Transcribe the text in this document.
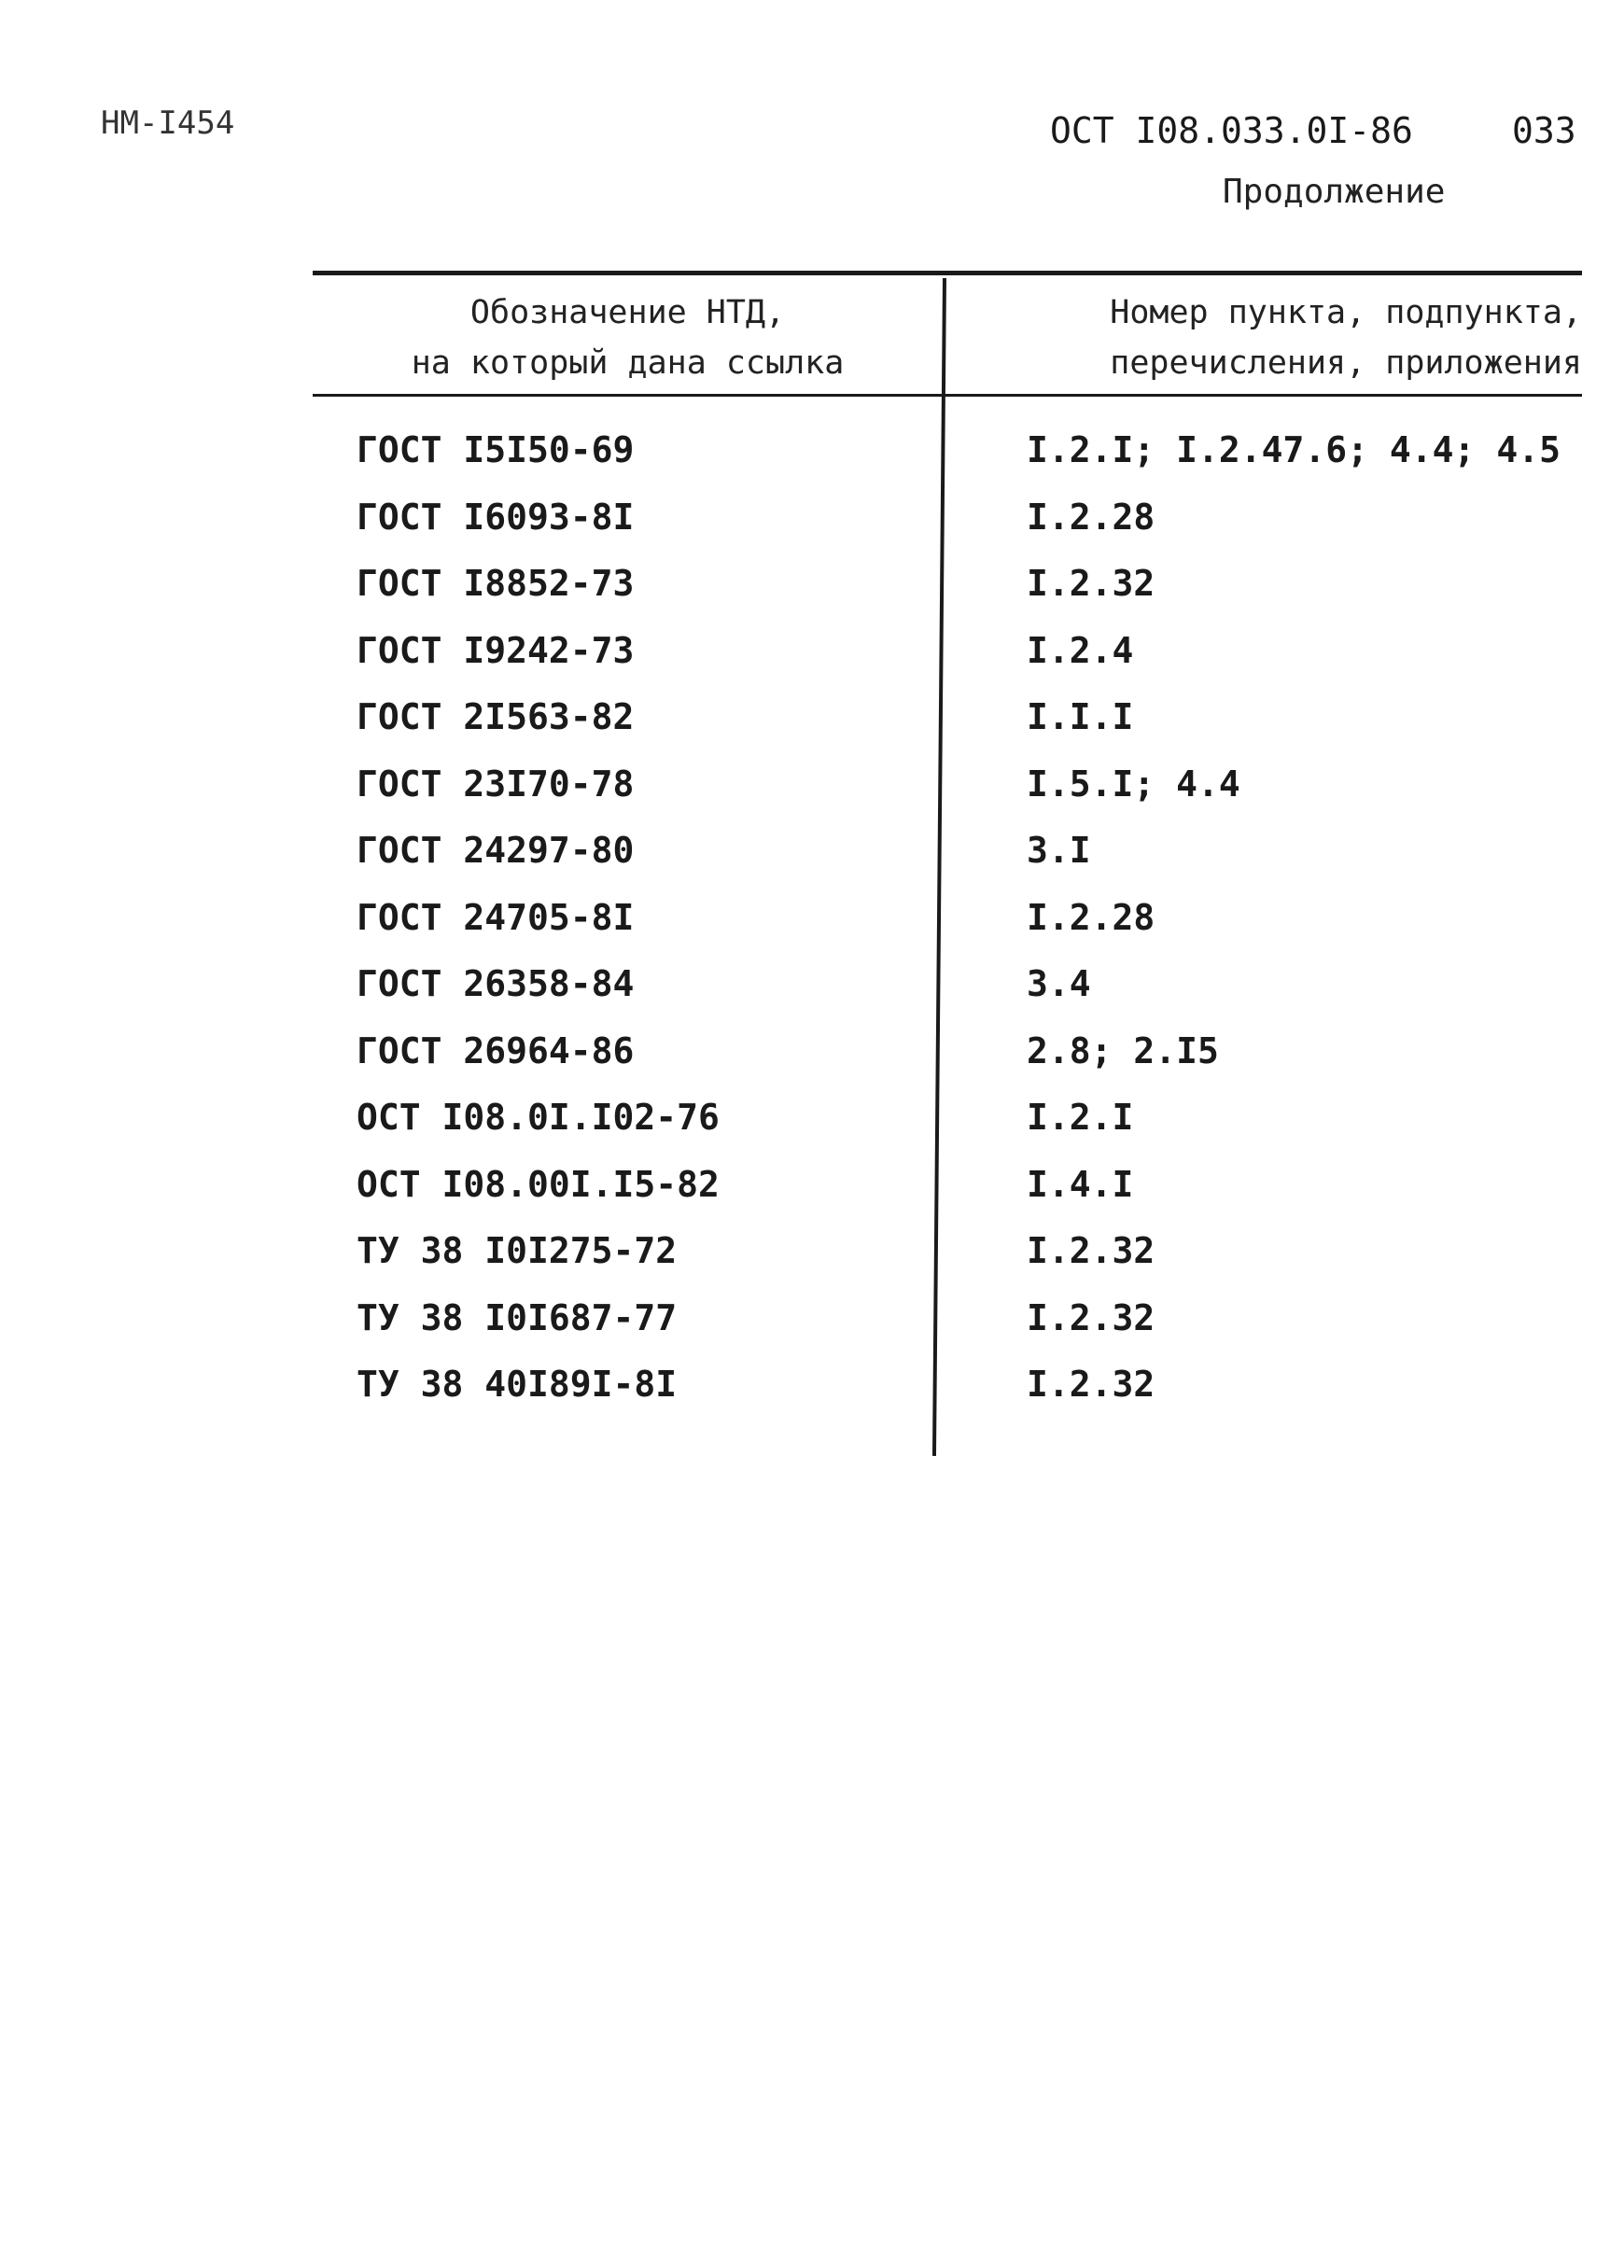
НМ-I454	ОСТ I08.033.0I-86	033
Продолжение
Обозначение НТД,
на который дана ссылка
Номер пункта, подпункта,
перечисления, приложения
ГОСТ I5I50-69	I.2.I; I.2.47.6; 4.4; 4.5
ГОСТ I6093-8I	I.2.28
ГОСТ I8852-73	I.2.32
ГОСТ I9242-73	I.2.4
ГОСТ 2I563-82	I.I.I
ГОСТ 23I70-78	I.5.I; 4.4
ГОСТ 24297-80	3.I
ГОСТ 24705-8I	I.2.28
ГОСТ 26358-84	3.4
ГОСТ 26964-86	2.8; 2.I5
ОСТ I08.0I.I02-76	I.2.I
ОСТ I08.00I.I5-82	I.4.I
ТУ 38 I0I275-72	I.2.32
ТУ 38 I0I687-77	I.2.32
ТУ 38 40I89I-8I	I.2.32
